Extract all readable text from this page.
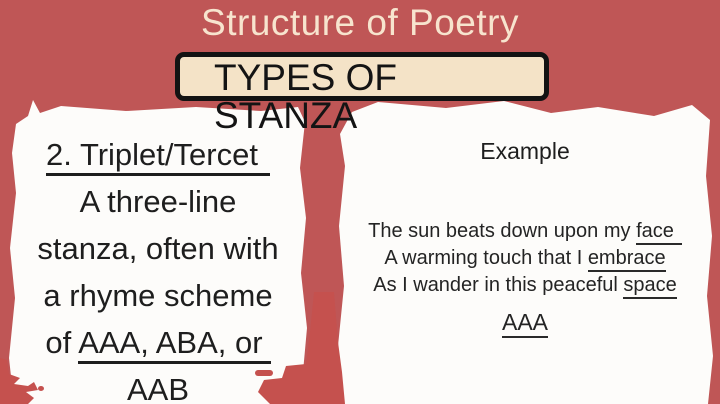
Structure of Poetry
TYPES OF STANZA
2. Triplet/Tercet
A three-line
stanza, often with
a rhyme scheme
of AAA, ABA, or
AAB
Example
The sun beats down upon my face
A warming touch that I embrace
As I wander in this peaceful space
AAA
